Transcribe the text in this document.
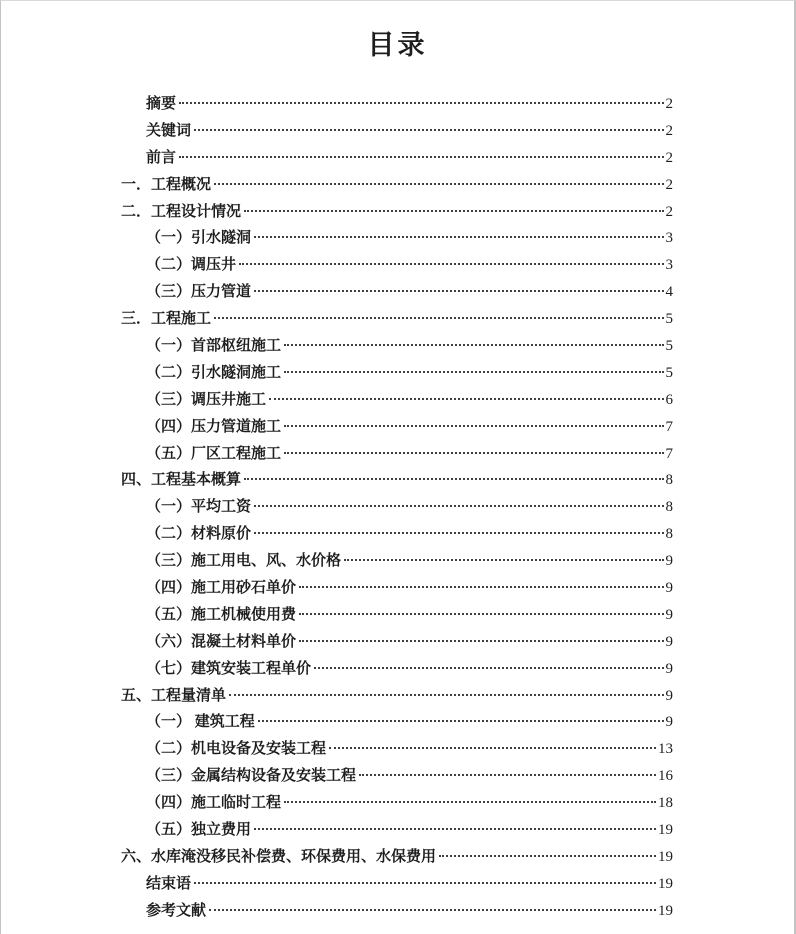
目录
摘要	2
关键词	2
前言	2
一．工程概况	2
二．工程设计情况	2
（一）引水隧洞	3
（二）调压井	3
（三）压力管道	4
三．工程施工	5
（一）首部枢纽施工	5
（二）引水隧洞施工	5
（三）调压井施工	6
（四）压力管道施工	7
（五）厂区工程施工	7
四、工程基本概算	8
（一）平均工资	8
（二）材料原价	8
（三）施工用电、风、水价格	9
（四）施工用砂石单价	9
（五）施工机械使用费	9
（六）混凝土材料单价	9
（七）建筑安装工程单价	9
五、工程量清单	9
（一） 建筑工程	9
（二）机电设备及安装工程	13
（三）金属结构设备及安装工程	16
（四）施工临时工程	18
（五）独立费用	19
六、水库淹没移民补偿费、环保费用、水保费用	19
结束语	19
参考文献	19
